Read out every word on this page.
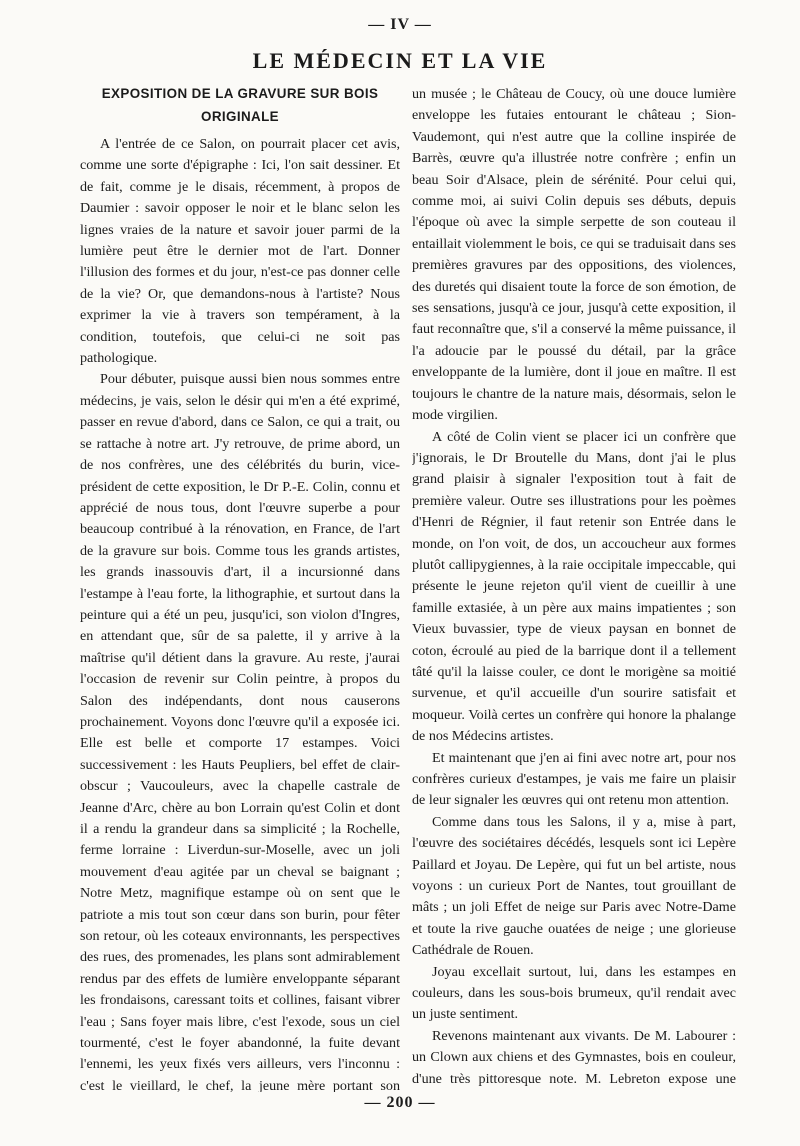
— IV —
LE MÉDECIN ET LA VIE
EXPOSITION DE LA GRAVURE SUR BOIS ORIGINALE

A l'entrée de ce Salon, on pourrait placer cet avis, comme une sorte d'épigraphe : Ici, l'on sait dessiner. Et de fait, comme je le disais, récemment, à propos de Daumier : savoir opposer le noir et le blanc selon les lignes vraies de la nature et savoir jouer parmi de la lumière peut être le dernier mot de l'art. Donner l'illusion des formes et du jour, n'est-ce pas donner celle de la vie? Or, que demandons-nous à l'artiste? Nous exprimer la vie à travers son tempérament, à la condition, toutefois, que celui-ci ne soit pas pathologique.

Pour débuter, puisque aussi bien nous sommes entre médecins, je vais, selon le désir qui m'en a été exprimé, passer en revue d'abord, dans ce Salon, ce qui a trait, ou se rattache à notre art. J'y retrouve, de prime abord, un de nos confrères, une des célébrités du burin, vice-président de cette exposition, le Dr P.-E. Colin, connu et apprécié de nous tous, dont l'œuvre superbe a pour beaucoup contribué à la rénovation, en France, de l'art de la gravure sur bois. Comme tous les grands artistes, les grands inassouvis d'art, il a incursionné dans l'estampe à l'eau forte, la lithographie, et surtout dans la peinture qui a été un peu, jusqu'ici, son violon d'Ingres, en attendant que, sûr de sa palette, il y arrive à la maîtrise qu'il détient dans la gravure. Au reste, j'aurai l'occasion de revenir sur Colin peintre, à propos du Salon des indépendants, dont nous causerons prochainement. Voyons donc l'œuvre qu'il a exposée ici. Elle est belle et comporte 17 estampes. Voici successivement : les Hauts Peupliers, bel effet de clair-obscur ; Vaucouleurs, avec la chapelle castrale de Jeanne d'Arc, chère au bon Lorrain qu'est Colin et dont il a rendu la grandeur dans sa simplicité ; la Rochelle, ferme lorraine : Liverdun-sur-Moselle, avec un joli mouvement d'eau agitée par un cheval se baignant ; Notre Metz, magnifique estampe où on sent que le patriote a mis tout son cœur dans son burin, pour fêter son retour, où les coteaux environnants, les perspectives des rues, des promenades, les plans sont admirablement rendus par des effets de lumière enveloppante séparant les frondaisons, caressant toits et collines, faisant vibrer l'eau ; Sans foyer mais libre, c'est l'exode, sous un ciel tourmenté, c'est le foyer abandonné, la fuite devant l'ennemi, les yeux fixés vers ailleurs, vers l'inconnu : c'est le vieillard, le chef, la jeune mère portant son

un musée ; le Château de Coucy, où une douce lumière enveloppe les futaies entourant le château ; Sion-Vaudemont, qui n'est autre que la colline inspirée de Barrès, œuvre qu'a illustrée notre confrère ; enfin un beau Soir d'Alsace, plein de sérénité. Pour celui qui, comme moi, ai suivi Colin depuis ses débuts, depuis l'époque où avec la simple serpette de son couteau il entaillait violemment le bois, ce qui se traduisait dans ses premières gravures par des oppositions, des violences, des duretés qui disaient toute la force de son émotion, de ses sensations, jusqu'à ce jour, jusqu'à cette exposition, il faut reconnaître que, s'il a conservé la même puissance, il l'a adoucie par le poussé du détail, par la grâce enveloppante de la lumière, dont il joue en maître. Il est toujours le chantre de la nature mais, désormais, selon le mode virgilien.

A côté de Colin vient se placer ici un confrère que j'ignorais, le Dr Broutelle du Mans, dont j'ai le plus grand plaisir à signaler l'exposition tout à fait de première valeur. Outre ses illustrations pour les poèmes d'Henri de Régnier, il faut retenir son Entrée dans le monde, on l'on voit, de dos, un accoucheur aux formes plutôt callipygiennes, à la raie occipitale impeccable, qui présente le jeune rejeton qu'il vient de cueillir à une famille extasiée, à un père aux mains impatientes ; son Vieux buvassier, type de vieux paysan en bonnet de coton, écroulé au pied de la barrique dont il a tellement tâté qu'il la laisse couler, ce dont le morigène sa moitié survenue, et qu'il accueille d'un sourire satisfait et moqueur. Voilà certes un confrère qui honore la phalange de nos Médecins artistes.

Et maintenant que j'en ai fini avec notre art, pour nos confrères curieux d'estampes, je vais me faire un plaisir de leur signaler les œuvres qui ont retenu mon attention.

Comme dans tous les Salons, il y a, mise à part, l'œuvre des sociétaires décédés, lesquels sont ici Lepère Paillard et Joyau. De Lepère, qui fut un bel artiste, nous voyons : un curieux Port de Nantes, tout grouillant de mâts ; un joli Effet de neige sur Paris avec Notre-Dame et toute la rive gauche ouatées de neige ; une glorieuse Cathédrale de Rouen.

Joyau excellait surtout, lui, dans les estampes en couleurs, dans les sous-bois brumeux, qu'il rendait avec un juste sentiment.

Revenons maintenant aux vivants. De M. Labourer : un Clown aux chiens et des Gymnastes, bois en couleur, d'une très pittoresque note. M. Lebreton expose une

— 200 —
